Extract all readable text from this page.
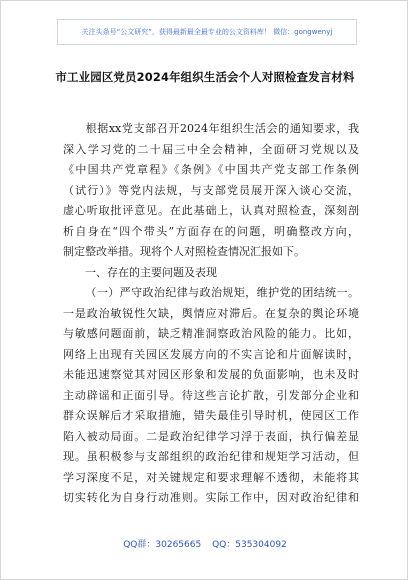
关注头条号“公文研究”，获得最新最全最专业的公文资料库！ 微信：gongwenyj
市工业园区党员2024年组织生活会个人对照检查发言材料
根据xx党支部召开2024年组织生活会的通知要求，我
深入学习党的二十届三中全会精神，全面研习党规以及
《中国共产党章程》《条例》《中国共产党支部工作条例
（试行）》等党内法规，与支部党员展开深入谈心交流，
虚心听取批评意见。在此基础上，认真对照检查，深刻剖
析自身在“四个带头”方面存在的问题，明确整改方向，
制定整改举措。现将个人对照检查情况汇报如下。
一、存在的主要问题及表现
（一）严守政治纪律与政治规矩，维护党的团结统一。
一是政治敏锐性欠缺，舆情应对滞后。在复杂的舆论环境
与敏感问题面前，缺乏精准洞察政治风险的能力。比如，
网络上出现有关园区发展方向的不实言论和片面解读时，
未能迅速察觉其对园区形象和发展的负面影响，也未及时
主动辟谣和正面引导。待这些言论扩散，引发部分企业和
群众误解后才采取措施，错失最佳引导时机，使园区工作
陷入被动局面。二是政治纪律学习浮于表面，执行偏差显
现。虽积极参与支部组织的政治纪律和规矩学习活动，但
学习深度不足，对关键规定和要求理解不透彻，未能将其
切实转化为自身行动准则。实际工作中，因对政治纪律和
QQ群：30265665 QQ：535304092
